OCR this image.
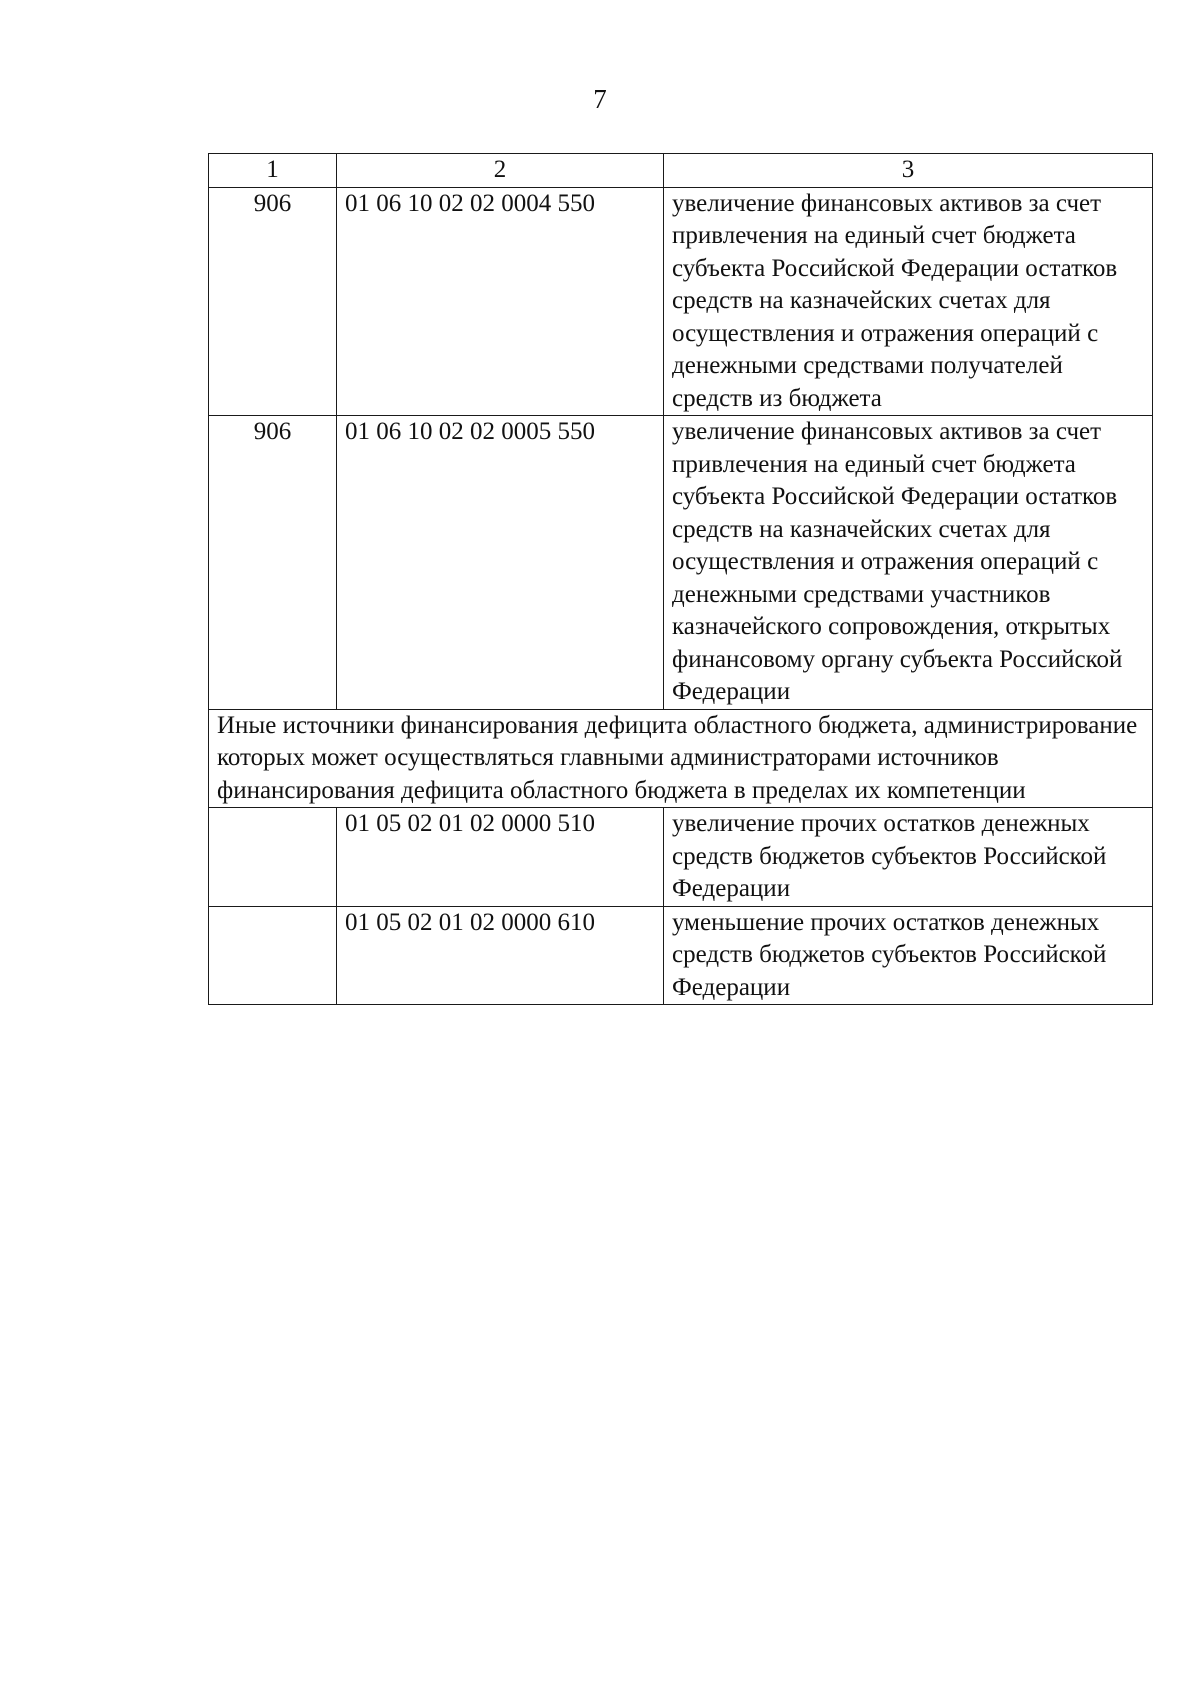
7
1	2	3
906	01 06 10 02 02 0004 550	увеличение финансовых активов за счет привлечения на единый счет бюджета субъекта Российской Федерации остатков средств на казначейских счетах для осуществления и отражения операций с денежными средствами получателей средств из бюджета
906	01 06 10 02 02 0005 550	увеличение финансовых активов за счет привлечения на единый счет бюджета субъекта Российской Федерации остатков средств на казначейских счетах для осуществления и отражения операций с денежными средствами участников казначейского сопровождения, открытых финансовому органу субъекта Российской Федерации
Иные источники финансирования дефицита областного бюджета, администрирование которых может осуществляться главными администраторами источников финансирования дефицита областного бюджета в пределах их компетенции		
	01 05 02 01 02 0000 510	увеличение прочих остатков денежных средств бюджетов субъектов Российской Федерации
	01 05 02 01 02 0000 610	уменьшение прочих остатков денежных средств бюджетов субъектов Российской Федерации
